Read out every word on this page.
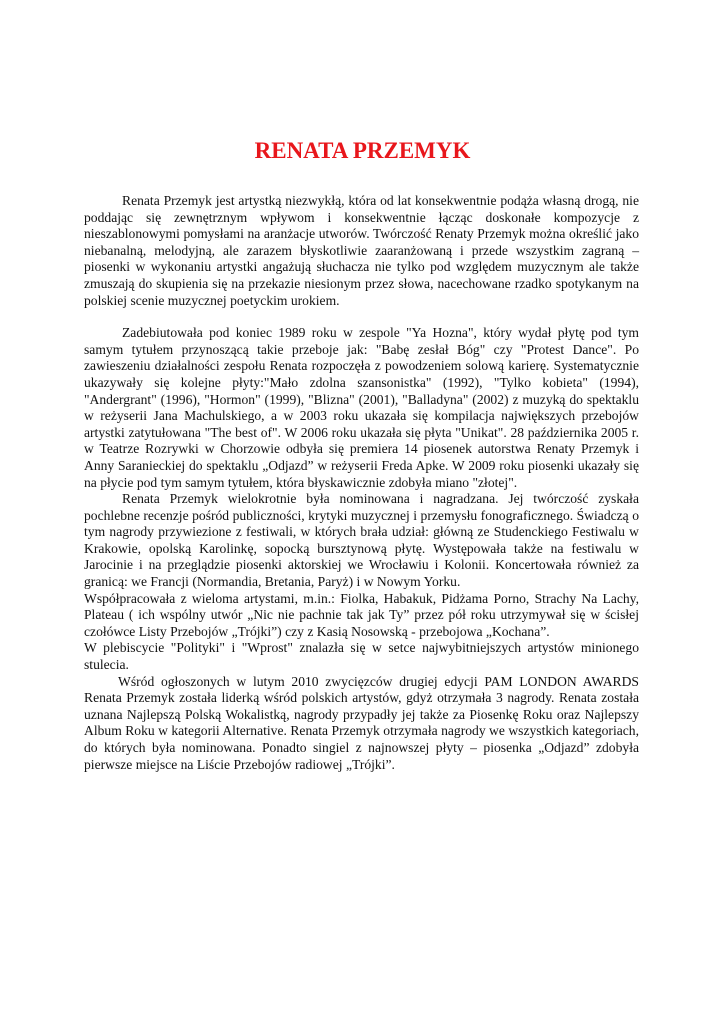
RENATA PRZEMYK

Renata Przemyk jest artystką niezwykłą, która od lat konsekwentnie podąża własną drogą, nie poddając się zewnętrznym wpływom i konsekwentnie łącząc doskonałe kompozycje z nieszablonowymi pomysłami na aranżacje utworów. Twórczość Renaty Przemyk można określić jako niebanalną, melodyjną, ale zarazem błyskotliwie zaaranżowaną i przede wszystkim zagraną – piosenki w wykonaniu artystki angażują słuchacza nie tylko pod względem muzycznym ale także zmuszają do skupienia się na przekazie niesionym przez słowa, nacechowane rzadko spotykanym na polskiej scenie muzycznej poetyckim urokiem.

Zadebiutowała pod koniec 1989 roku w zespole "Ya Hozna", który wydał płytę pod tym samym tytułem przynoszącą takie przeboje jak: "Babę zesłał Bóg" czy "Protest Dance". Po zawieszeniu działalności zespołu Renata rozpoczęła z powodzeniem solową karierę. Systematycznie ukazywały się kolejne płyty:"Mało zdolna szansonistka" (1992), "Tylko kobieta" (1994), "Andergrant" (1996), "Hormon" (1999), "Blizna" (2001), "Balladyna" (2002) z muzyką do spektaklu w reżyserii Jana Machulskiego, a w 2003 roku ukazała się kompilacja największych przebojów artystki zatytułowana "The best of". W 2006 roku ukazała się płyta "Unikat". 28 października 2005 r. w Teatrze Rozrywki w Chorzowie odbyła się premiera 14 piosenek autorstwa Renaty Przemyk i Anny Saranieckiej do spektaklu „Odjazd” w reżyserii Freda Apke. W 2009 roku piosenki ukazały się na płycie pod tym samym tytułem, która błyskawicznie zdobyła miano "złotej".

Renata Przemyk wielokrotnie była nominowana i nagradzana. Jej twórczość zyskała pochlebne recenzje pośród publiczności, krytyki muzycznej i przemysłu fonograficznego. Świadczą o tym nagrody przywiezione z festiwali, w których brała udział: główną ze Studenckiego Festiwalu w Krakowie, opolską Karolinkę, sopocką bursztynową płytę. Występowała także na festiwalu w Jarocinie i na przeglądzie piosenki aktorskiej we Wrocławiu i Kolonii. Koncertowała również za granicą: we Francji (Normandia, Bretania, Paryż) i w Nowym Yorku.

Współpracowała z wieloma artystami, m.in.: Fiolka, Habakuk, Pidżama Porno, Strachy Na Lachy, Plateau ( ich wspólny utwór „Nic nie pachnie tak jak Ty” przez pół roku utrzymywał się w ścisłej czołówce Listy Przebojów „Trójki”) czy z Kasią Nosowską - przebojowa „Kochana”.

W plebiscycie "Polityki" i "Wprost" znalazła się w setce najwybitniejszych artystów minionego stulecia.

Wśród ogłoszonych w lutym 2010 zwycięzców drugiej edycji PAM LONDON AWARDS Renata Przemyk została liderką wśród polskich artystów, gdyż otrzymała 3 nagrody. Renata została uznana Najlepszą Polską Wokalistką, nagrody przypadły jej także za Piosenkę Roku oraz Najlepszy Album Roku w kategorii Alternative. Renata Przemyk otrzymała nagrody we wszystkich kategoriach, do których była nominowana. Ponadto singiel z najnowszej płyty – piosenka „Odjazd” zdobyła pierwsze miejsce na Liście Przebojów radiowej „Trójki”.
